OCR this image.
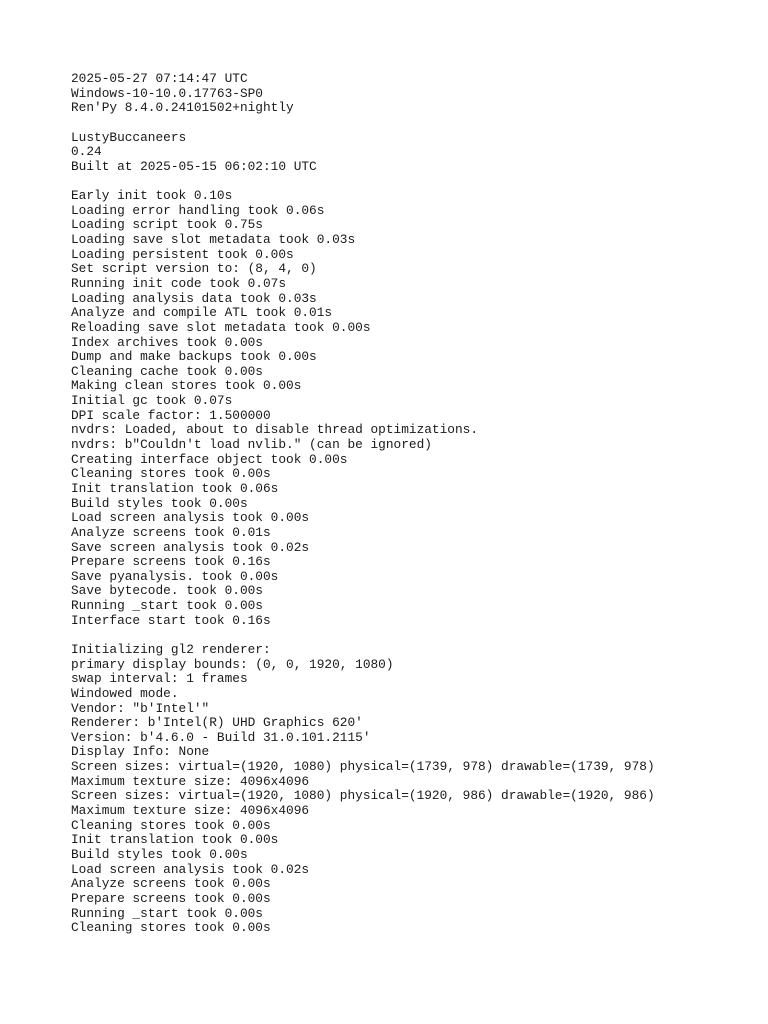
2025-05-27 07:14:47 UTC
Windows-10-10.0.17763-SP0
Ren'Py 8.4.0.24101502+nightly
LustyBuccaneers
0.24
Built at 2025-05-15 06:02:10 UTC
Early init took 0.10s
Loading error handling took 0.06s
Loading script took 0.75s
Loading save slot metadata took 0.03s
Loading persistent took 0.00s
Set script version to: (8, 4, 0)
Running init code took 0.07s
Loading analysis data took 0.03s
Analyze and compile ATL took 0.01s
Reloading save slot metadata took 0.00s
Index archives took 0.00s
Dump and make backups took 0.00s
Cleaning cache took 0.00s
Making clean stores took 0.00s
Initial gc took 0.07s
DPI scale factor: 1.500000
nvdrs: Loaded, about to disable thread optimizations.
nvdrs: b"Couldn't load nvlib." (can be ignored)
Creating interface object took 0.00s
Cleaning stores took 0.00s
Init translation took 0.06s
Build styles took 0.00s
Load screen analysis took 0.00s
Analyze screens took 0.01s
Save screen analysis took 0.02s
Prepare screens took 0.16s
Save pyanalysis. took 0.00s
Save bytecode. took 0.00s
Running _start took 0.00s
Interface start took 0.16s
Initializing gl2 renderer:
primary display bounds: (0, 0, 1920, 1080)
swap interval: 1 frames
Windowed mode.
Vendor: "b'Intel'"
Renderer: b'Intel(R) UHD Graphics 620'
Version: b'4.6.0 - Build 31.0.101.2115'
Display Info: None
Screen sizes: virtual=(1920, 1080) physical=(1739, 978) drawable=(1739, 978)
Maximum texture size: 4096x4096
Screen sizes: virtual=(1920, 1080) physical=(1920, 986) drawable=(1920, 986)
Maximum texture size: 4096x4096
Cleaning stores took 0.00s
Init translation took 0.00s
Build styles took 0.00s
Load screen analysis took 0.02s
Analyze screens took 0.00s
Prepare screens took 0.00s
Running _start took 0.00s
Cleaning stores took 0.00s
